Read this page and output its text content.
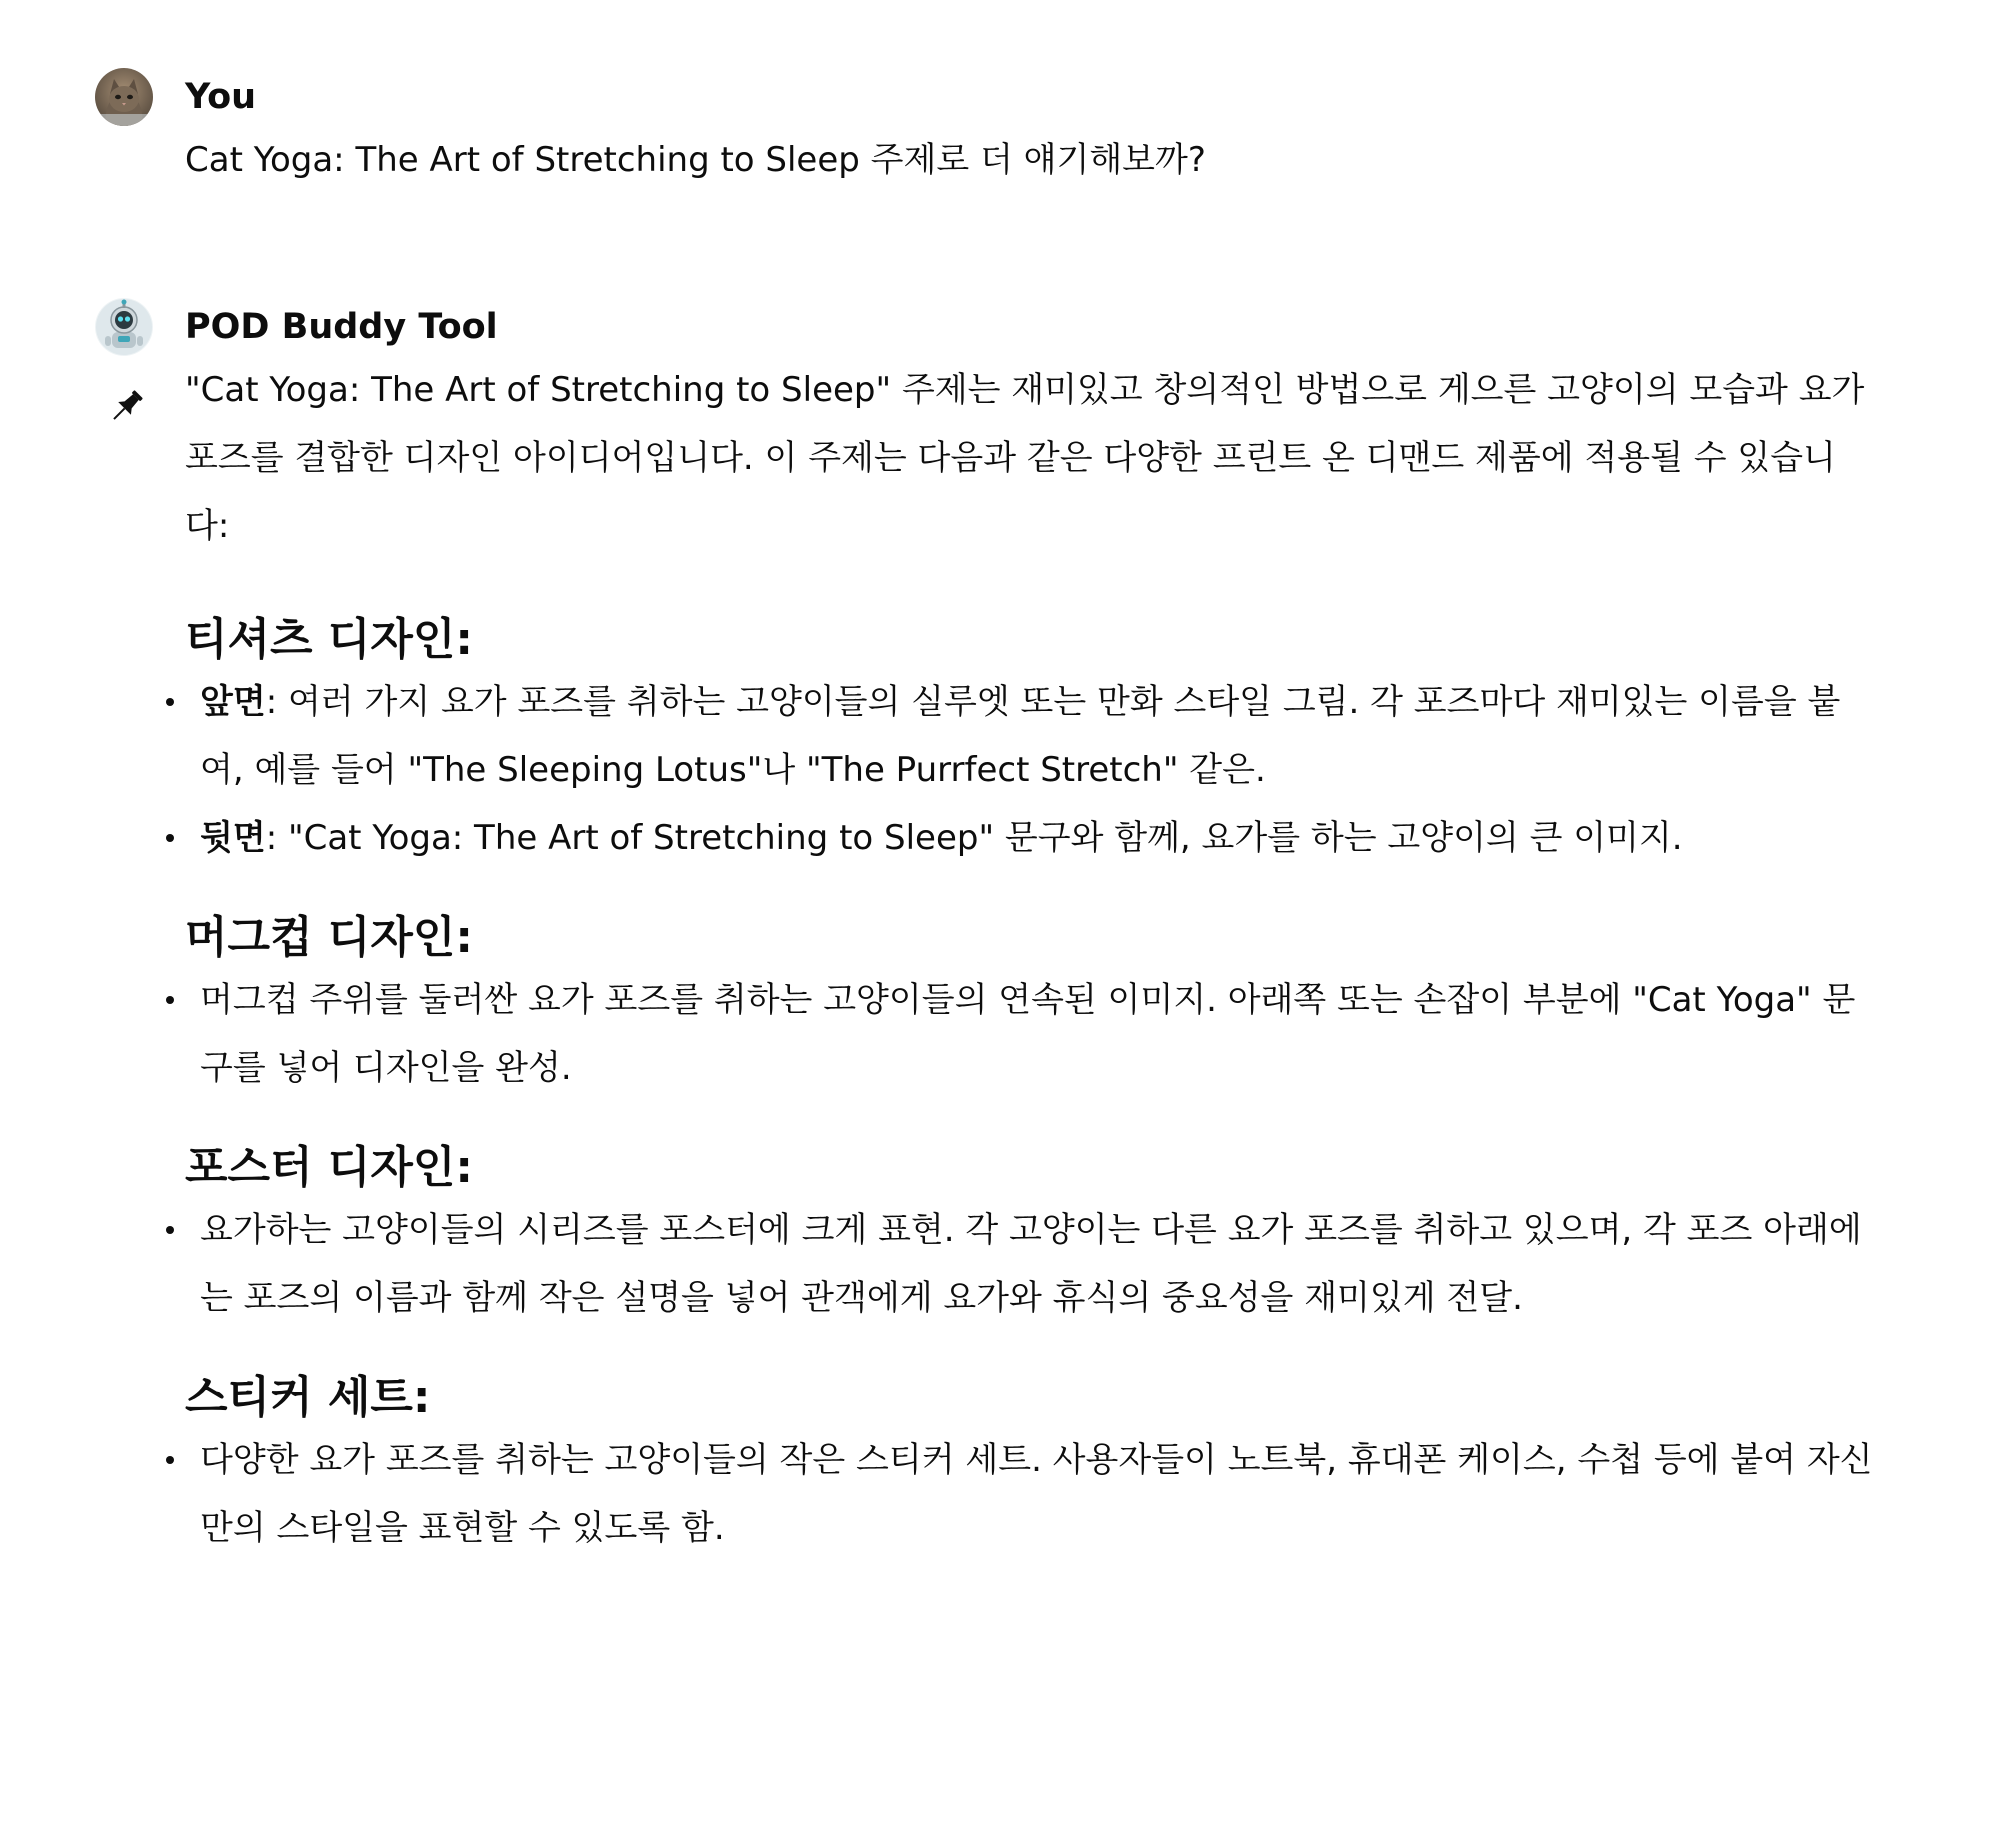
You
Cat Yoga: The Art of Stretching to Sleep 주제로 더 얘기해보까?
POD Buddy Tool

"Cat Yoga: The Art of Stretching to Sleep" 주제는 재미있고 창의적인 방법으로 게으른 고양이의 모습과 요가 포즈를 결합한 디자인 아이디어입니다. 이 주제는 다음과 같은 다양한 프린트 온 디맨드 제품에 적용될 수 있습니다:

티셔츠 디자인:
앞면: 여러 가지 요가 포즈를 취하는 고양이들의 실루엣 또는 만화 스타일 그림. 각 포즈마다 재미있는 이름을 붙여, 예를 들어 "The Sleeping Lotus"나 "The Purrfect Stretch" 같은.
뒷면: "Cat Yoga: The Art of Stretching to Sleep" 문구와 함께, 요가를 하는 고양이의 큰 이미지.
머그컵 디자인:
머그컵 주위를 둘러싼 요가 포즈를 취하는 고양이들의 연속된 이미지. 아래쪽 또는 손잡이 부분에 "Cat Yoga" 문구를 넣어 디자인을 완성.
포스터 디자인:
요가하는 고양이들의 시리즈를 포스터에 크게 표현. 각 고양이는 다른 요가 포즈를 취하고 있으며, 각 포즈 아래에는 포즈의 이름과 함께 작은 설명을 넣어 관객에게 요가와 휴식의 중요성을 재미있게 전달.
스티커 세트:
다양한 요가 포즈를 취하는 고양이들의 작은 스티커 세트. 사용자들이 노트북, 휴대폰 케이스, 수첩 등에 붙여 자신만의 스타일을 표현할 수 있도록 함.
